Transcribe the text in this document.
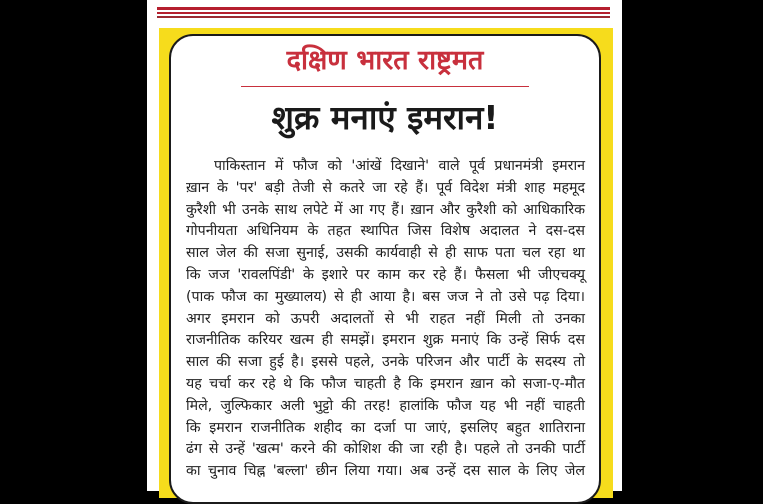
दक्षिण भारत राष्ट्रमत
शुक्र मनाएं इमरान!
पाकिस्तान में फौज को 'आंखें दिखाने' वाले पूर्व प्रधानमंत्री इमरान
ख़ान के 'पर' बड़ी तेजी से कतरे जा रहे हैं। पूर्व विदेश मंत्री शाह महमूद
कुरैशी भी उनके साथ लपेटे में आ गए हैं। ख़ान और कुरैशी को आधिकारिक
गोपनीयता अधिनियम के तहत स्थापित जिस विशेष अदालत ने दस-दस
साल जेल की सजा सुनाई, उसकी कार्यवाही से ही साफ पता चल रहा था
कि जज 'रावलपिंडी' के इशारे पर काम कर रहे हैं। फैसला भी जीएचक्यू
(पाक फौज का मुख्यालय) से ही आया है। बस जज ने तो उसे पढ़ दिया।
अगर इमरान को ऊपरी अदालतों से भी राहत नहीं मिली तो उनका
राजनीतिक करियर खत्म ही समझें। इमरान शुक्र मनाएं कि उन्हें सिर्फ दस
साल की सजा हुई है। इससे पहले, उनके परिजन और पार्टी के सदस्य तो
यह चर्चा कर रहे थे कि फौज चाहती है कि इमरान ख़ान को सजा-ए-मौत
मिले, जुल्फिकार अली भुट्टो की तरह! हालांकि फौज यह भी नहीं चाहती
कि इमरान राजनीतिक शहीद का दर्जा पा जाएं, इसलिए बहुत शातिराना
ढंग से उन्हें 'खत्म' करने की कोशिश की जा रही है। पहले तो उनकी पार्टी
का चुनाव चिह्न 'बल्ला' छीन लिया गया। अब उन्हें दस साल के लिए जेल
